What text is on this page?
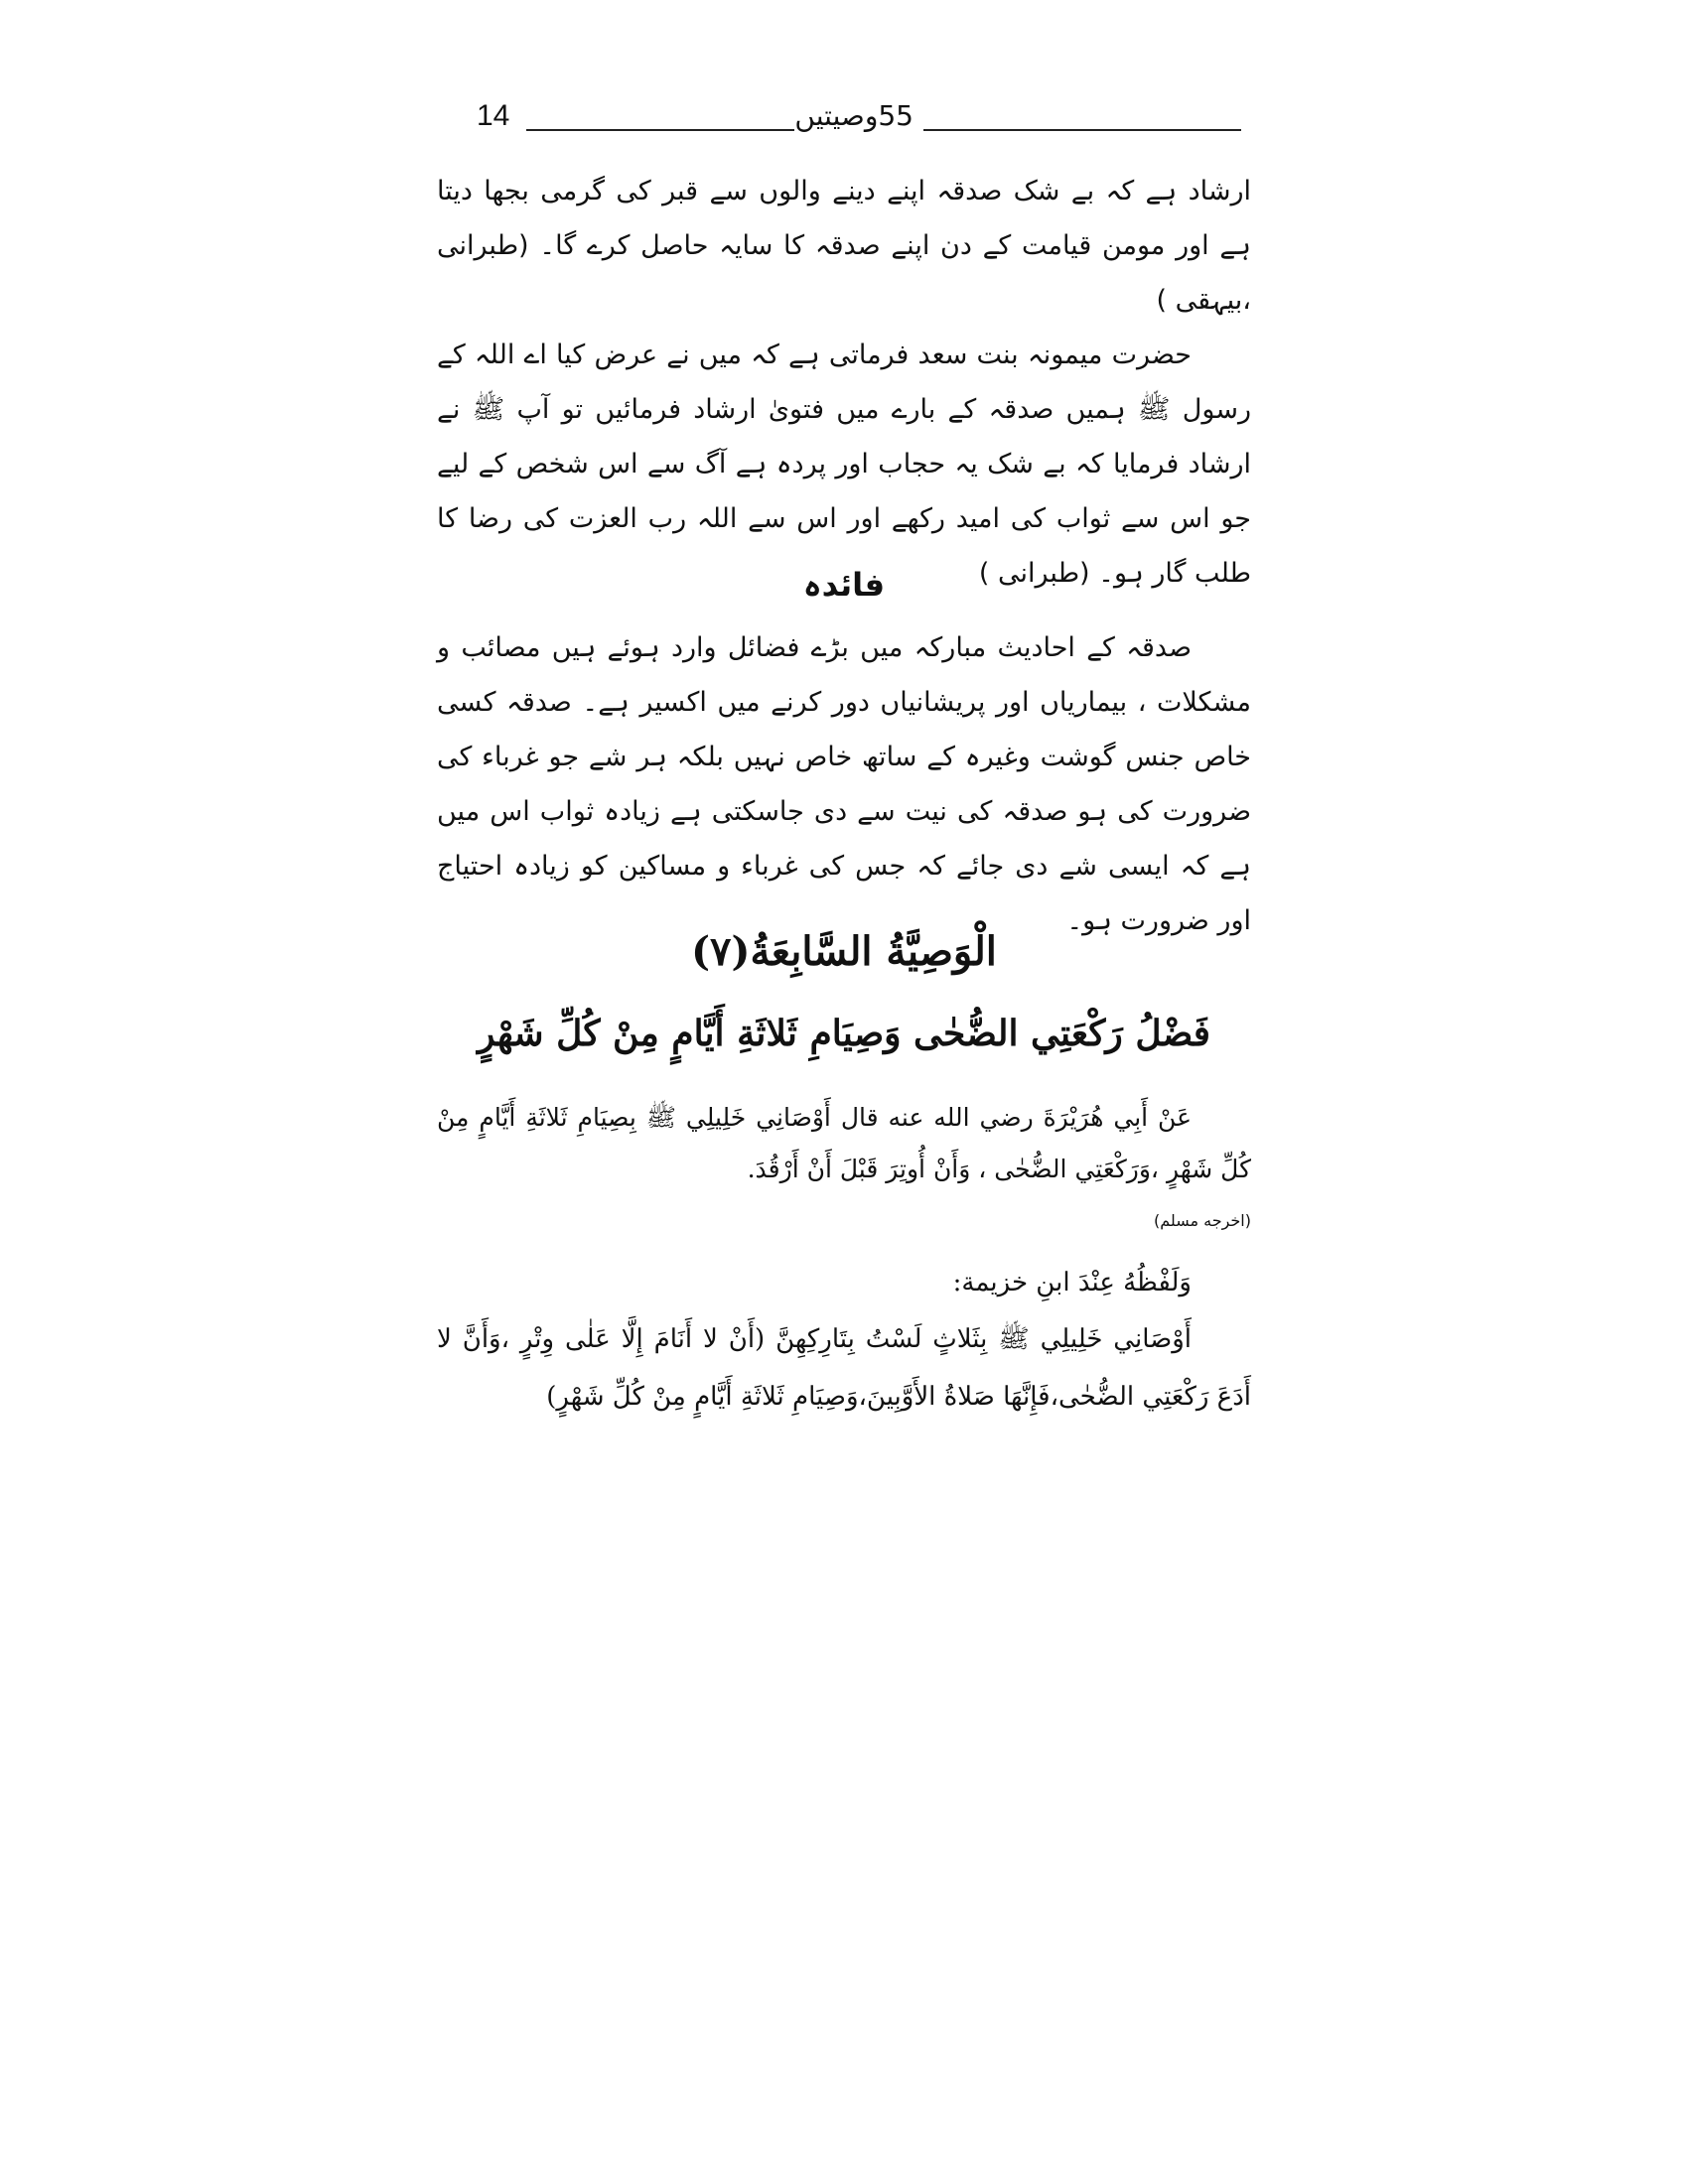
14	55وصیتیں

ارشاد ہے کہ بے شک صدقہ اپنے دینے والوں سے قبر کی گرمی بجھا دیتا ہے اور مومن قیامت کے دن اپنے صدقہ کا سایہ حاصل کرے گا۔ (طبرانی ،بیہقی )

حضرت میمونہ بنت سعد فرماتی ہے کہ میں نے عرض کیا اے اللہ کے رسول ﷺ ہمیں صدقہ کے بارے میں فتویٰ ارشاد فرمائیں تو آپ ﷺ نے ارشاد فرمایا کہ بے شک یہ حجاب اور پردہ ہے آگ سے اس شخص کے لیے جو اس سے ثواب کی امید رکھے اور اس سے اللہ رب العزت کی رضا کا طلب گار ہو۔ (طبرانی )

فائدہ

صدقہ کے احادیث مبارکہ میں بڑے فضائل وارد ہوئے ہیں مصائب و مشکلات ، بیماریاں اور پریشانیاں دور کرنے میں اکسیر ہے۔ صدقہ کسی خاص جنس گوشت وغیرہ کے ساتھ خاص نہیں بلکہ ہر شے جو غرباء کی ضرورت کی ہو صدقہ کی نیت سے دی جاسکتی ہے زیادہ ثواب اس میں ہے کہ ایسی شے دی جائے کہ جس کی غرباء و مساکین کو زیادہ احتیاج اور ضرورت ہو۔

الْوَصِيَّةُ السَّابِعَةُ(۷)
فَضْلُ رَكْعَتِي الضُّحٰى وَصِيَامِ ثَلاثَةِ أَيَّامٍ مِنْ كُلِّ شَهْرٍ

عَنْ أَبِي هُرَيْرَةَ رضي الله عنه قال أَوْصَانِي خَلِيلِي ﷺ بِصِيَامِ ثَلاثَةِ أَيَّامٍ مِنْ كُلِّ شَهْرٍ ،وَرَكْعَتِي الضُّحٰى ، وَأَنْ أُوتِرَ قَبْلَ أَنْ أَرْقُدَ.

(اخرجه مسلم)

وَلَفْظُهُ عِنْدَ ابنِ خزيمة:

أَوْصَانِي خَلِيلِي ﷺ بِثَلاثٍ لَسْتُ بِتَارِكِهِنَّ (أَنْ لا أَنَامَ إِلَّا عَلٰى وِتْرٍ ،وَأَنَّ لا أَدَعَ رَكْعَتِي الضُّحٰى،فَإِنَّهَا صَلاةُ الأَوَّبِينَ،وَصِيَامِ ثَلاثَةِ أَيَّامٍ مِنْ كُلِّ شَهْرٍ)
